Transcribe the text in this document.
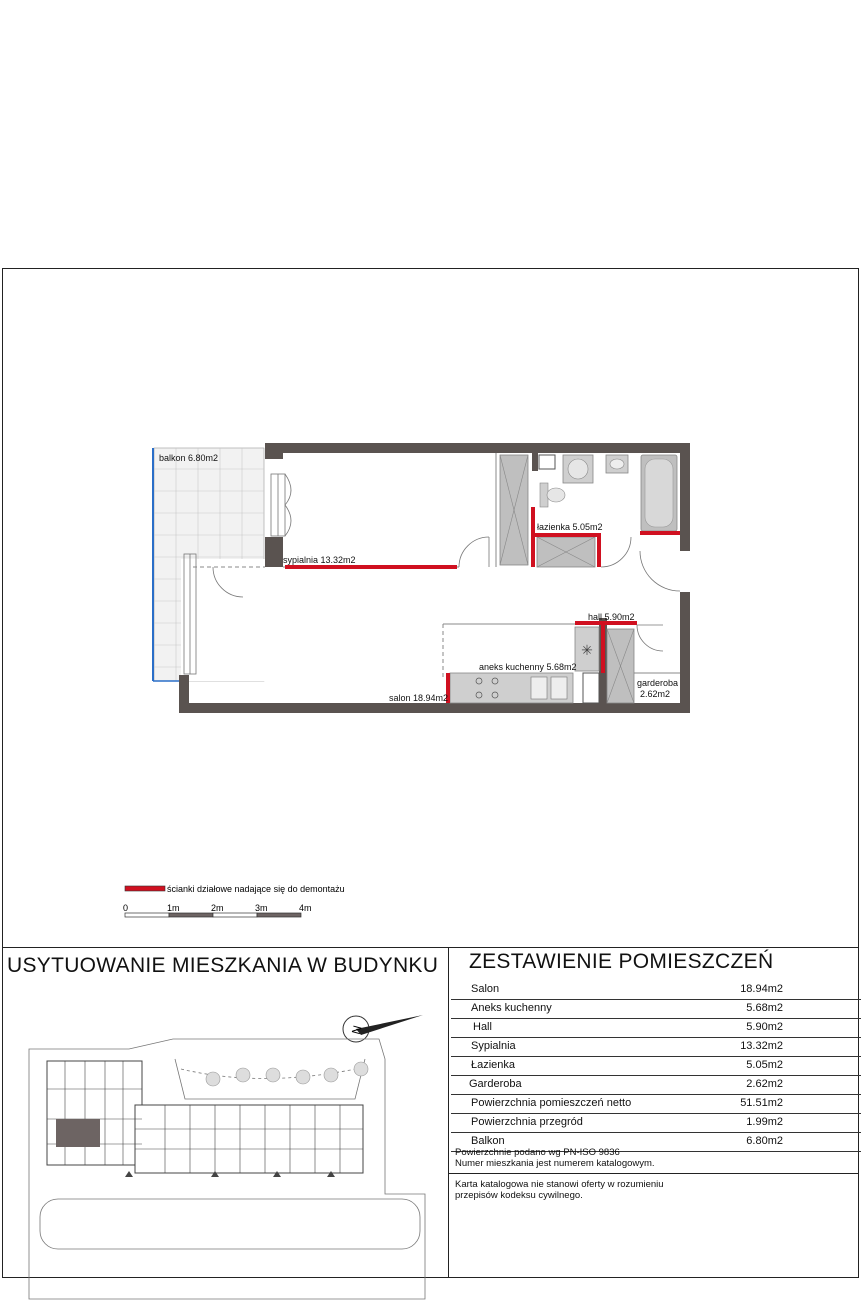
✳
balkon 6.80m2
sypialnia 13.32m2
łazienka 5.05m2
hall 5.90m2
aneks kuchenny 5.68m2
salon 18.94m2
garderoba
2.62m2
ścianki działowe nadające się do demontażu
0	1m	2m	3m	4m
USYTUOWANIE MIESZKANIA W BUDYNKU ZESTAWIENIE POMIESZCZEŃ
N
Salon	18.94m2
Aneks kuchenny	5.68m2
Hall	5.90m2
Sypialnia	13.32m2
Łazienka	5.05m2
Garderoba	2.62m2
Powierzchnia pomieszczeń netto	51.51m2
Powierzchnia przegród	1.99m2
Balkon	6.80m2
Powierzchnie podano wg PN-ISO 9836
Numer mieszkania jest numerem katalogowym.
Karta katalogowa nie stanowi oferty w rozumieniu
przepisów kodeksu cywilnego.
